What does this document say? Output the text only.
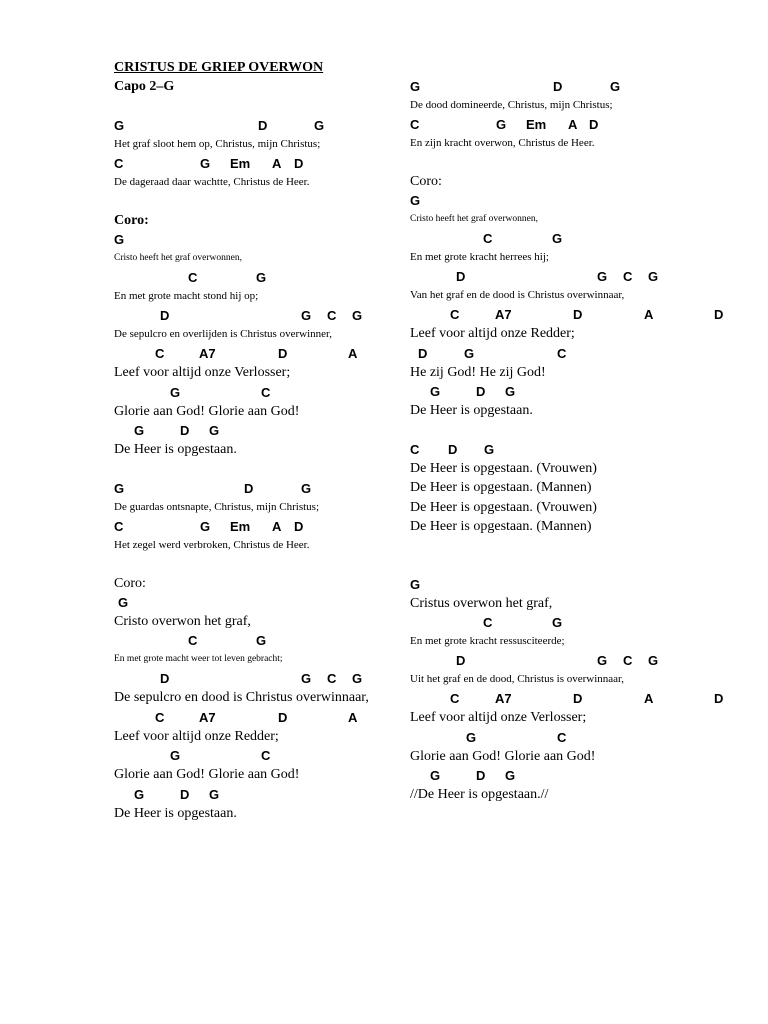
CRISTUS DE GRIEP OVERWON
Capo 2–G
G	D	G
Het graf sloot hem op, Christus, mijn Christus;
C	G Em A D
De dageraad daar wachtte, Christus de Heer.
Coro:
G
Cristo heeft het graf overwonnen,
C	G
En met grote macht stond hij op;
D	G C G
De sepulcro en overlijden is Christus overwinner,
C	A7	D	A
Leef voor altijd onze Verlosser;
G	C
Glorie aan God! Glorie aan God!
G	D G
De Heer is opgestaan.
G	D	G
De guardas ontsnapte, Christus, mijn Christus;
C	G Em A D
Het zegel werd verbroken, Christus de Heer.
Coro:
G
Cristo overwon het graf,
C	G
En met grote macht weer tot leven gebracht;
D	G C G
De sepulcro en dood is Christus overwinnaar,
C	A7	D	A
Leef voor altijd onze Redder;
G	C
Glorie aan God! Glorie aan God!
G	D G
De Heer is opgestaan.
G	D	G
De dood domineerde, Christus, mijn Christus;
C	G Em A D
En zijn kracht overwon, Christus de Heer.
Coro:
G
Cristo heeft het graf overwonnen,
C	G
En met grote kracht herrees hij;
D	G C G
Van het graf en de dood is Christus overwinnaar,
C	A7	D	A	D
Leef voor altijd onze Redder;
D	G	C
He zij God! He zij God!
G	D G
De Heer is opgestaan.
C D G
De Heer is opgestaan. (Vrouwen)
De Heer is opgestaan. (Mannen)
De Heer is opgestaan. (Vrouwen)
De Heer is opgestaan. (Mannen)
G
Cristus overwon het graf,
C	G
En met grote kracht ressusciteerde;
D	G C G
Uit het graf en de dood, Christus is overwinnaar,
C	A7	D	A	D
Leef voor altijd onze Verlosser;
G	C
Glorie aan God! Glorie aan God!
G	D G
//De Heer is opgestaan.//
